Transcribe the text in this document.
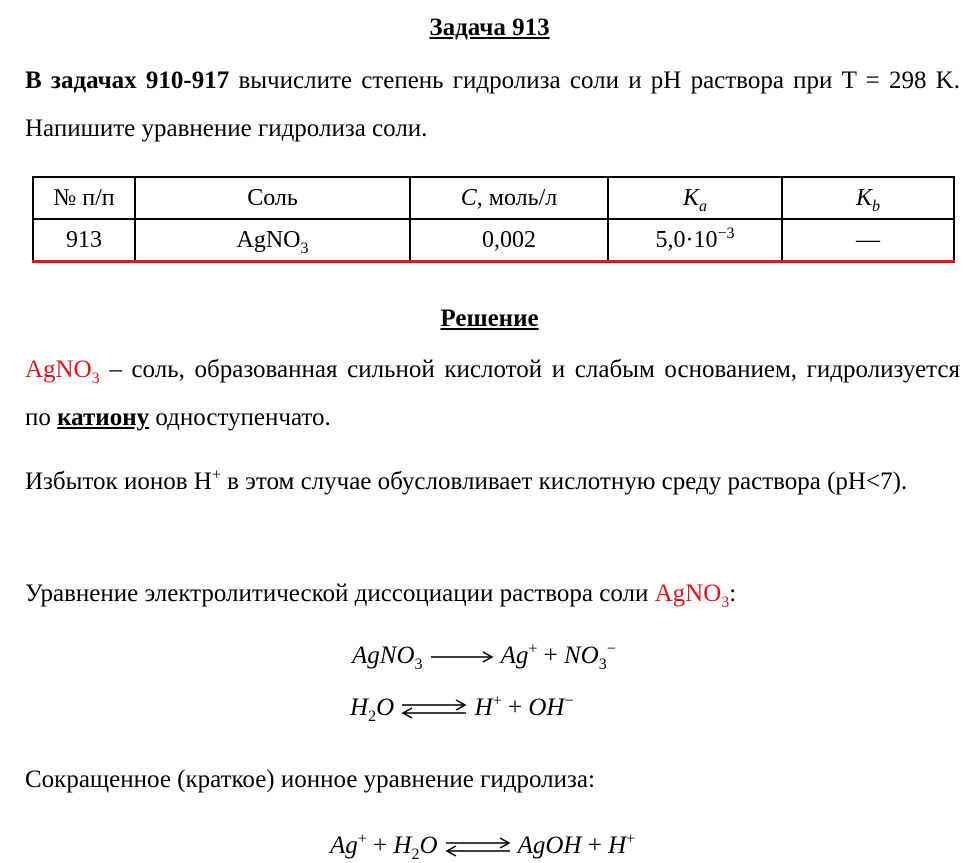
Задача 913

В задачах 910-917 вычислите степень гидролиза соли и pH раствора при T = 298 K. Напишите уравнение гидролиза соли.

№ п/п	Соль	C, моль/л	$K_a$	$K_b$
913	AgNO$_3$	0,002	$5,0\cdot 10^{-3}$	—
Решение

AgNO$_3$ – соль, образованная сильной кислотой и слабым основанием, гидролизуется по катиону одноступенчато.

Избыток ионов H+ в этом случае обусловливает кислотную среду раствора (pH<7).

Уравнение электролитической диссоциации раствора соли AgNO$_3$:

AgNO$_3$	$Ag^+ + NO_3^-$
$H_2O$ ⇌ H+ + OH−

Сокращенное (краткое) ионное уравнение гидролиза:

$Ag^+ + H_2O$ ⇌ AgOH + H+
